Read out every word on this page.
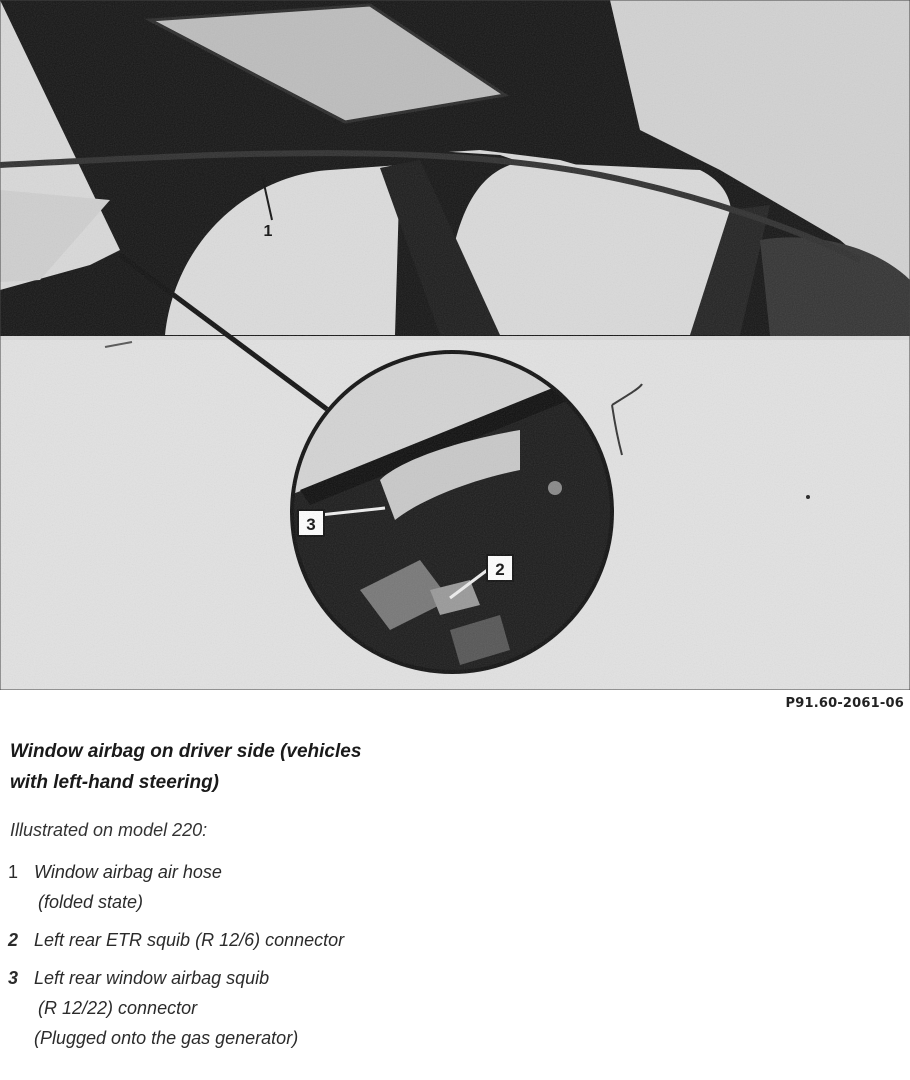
P91.60-2061-06
Window airbag on driver side (vehicles
with left-hand steering)
Illustrated on model 220:
1 Window airbag air hose
(folded state)
2 Left rear ETR squib (R 12/6) connector
3 Left rear window airbag squib
(R 12/22) connector
(Plugged onto the gas generator)
